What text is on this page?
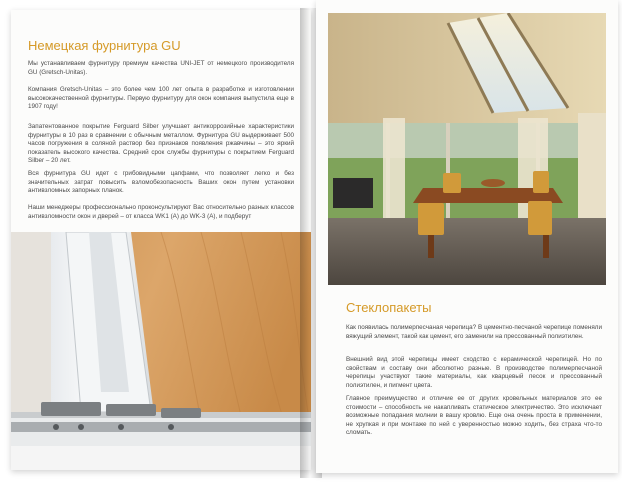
Немецкая фурнитура GU

Мы устанавливаем фурнитуру премиум качества UNI-JET от немецкого производителя GU (Gretsch-Unitas).

Компания Gretsch-Unitas – это более чем 100 лет опыта в разработке и изготовлении высококачественной фурнитуры. Первую фурнитуру для окон компания выпустила еще в 1907 году!

Запатентованное покрытие Ferguard Silber улучшает антикоррозийные характеристики фурнитуры в 10 раз в сравнении с обычным металлом. Фурнитура GU выдерживает 500 часов погружения в соляной раствор без признаков появления ржавчины – это яркий показатель высокого качества. Средний срок службы фурнитуры с покрытием Ferguard Silber – 20 лет.

Вся фурнитура GU идет с грибовидными цапфами, что позволяет легко и без значительных затрат повысить взломобезопасность Ваших окон путем установки антивзломных запорных планок.

Наши менеджеры профессионально проконсультируют Вас относительно разных классов антивзломности окон и дверей – от класса WK1 (A) до WK-3 (A), и подберут

Стеклопакеты

Как появилась полимерпесчаная черепица? В цементно-песчаной черепице поменяли вяжущий элемент, такой как цемент, его заменили на прессованный полиэтилен.

Внешний вид этой черепицы имеет сходство с керамической черепицей. Но по свойствам и составу они абсолютно разные. В производстве полимерпесчаной черепицы участвуют такие материалы, как кварцевый песок и прессованный полиэтилен, и пигмент цвета.

Главное преимущество и отличие ее от других кровельных материалов это ее стоимости – способность не накапливать статическое электричество. Это исключает возможные попадания молнии в вашу кровлю. Еще она очень проста в применении, не хрупкая и при монтаже по ней с уверенностью можно ходить, без страха что-то сломать.
